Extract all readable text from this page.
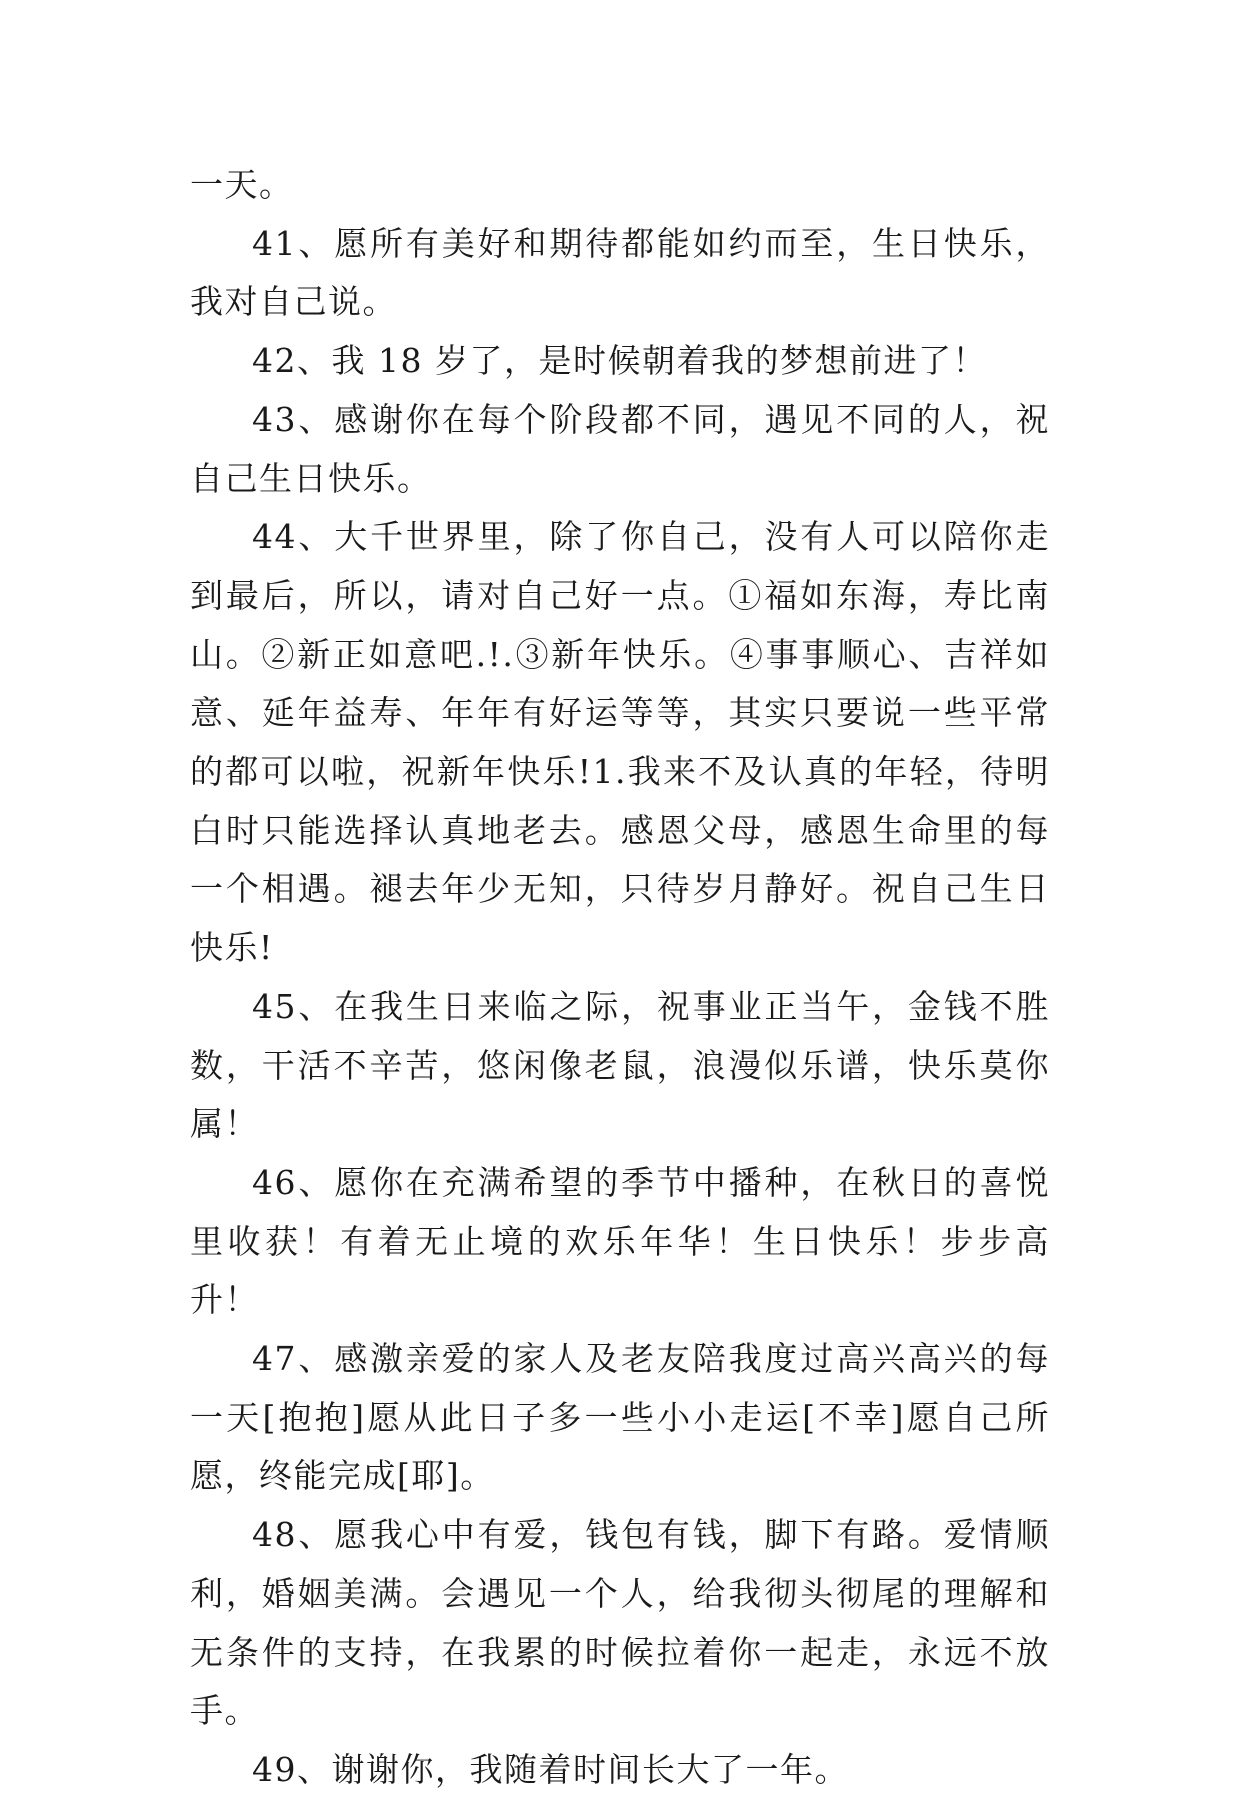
一天。

41、愿所有美好和期待都能如约而至，生日快乐，我对自己说。

42、我 18 岁了，是时候朝着我的梦想前进了！

43、感谢你在每个阶段都不同，遇见不同的人，祝自己生日快乐。

44、大千世界里，除了你自己，没有人可以陪你走到最后，所以，请对自己好一点。①福如东海，寿比南山。②新正如意吧.!.③新年快乐。④事事顺心、吉祥如意、延年益寿、年年有好运等等，其实只要说一些平常的都可以啦，祝新年快乐!1.我来不及认真的年轻，待明白时只能选择认真地老去。感恩父母，感恩生命里的每一个相遇。褪去年少无知，只待岁月静好。祝自己生日快乐!

45、在我生日来临之际，祝事业正当午，金钱不胜数，干活不辛苦，悠闲像老鼠，浪漫似乐谱，快乐莫你属！

46、愿你在充满希望的季节中播种，在秋日的喜悦里收获！有着无止境的欢乐年华！生日快乐！步步高升！

47、感激亲爱的家人及老友陪我度过高兴高兴的每一天[抱抱]愿从此日子多一些小小走运[不幸]愿自己所愿，终能完成[耶]。

48、愿我心中有爱，钱包有钱，脚下有路。爱情顺利，婚姻美满。会遇见一个人，给我彻头彻尾的理解和无条件的支持，在我累的时候拉着你一起走，永远不放手。

49、谢谢你，我随着时间长大了一年。
